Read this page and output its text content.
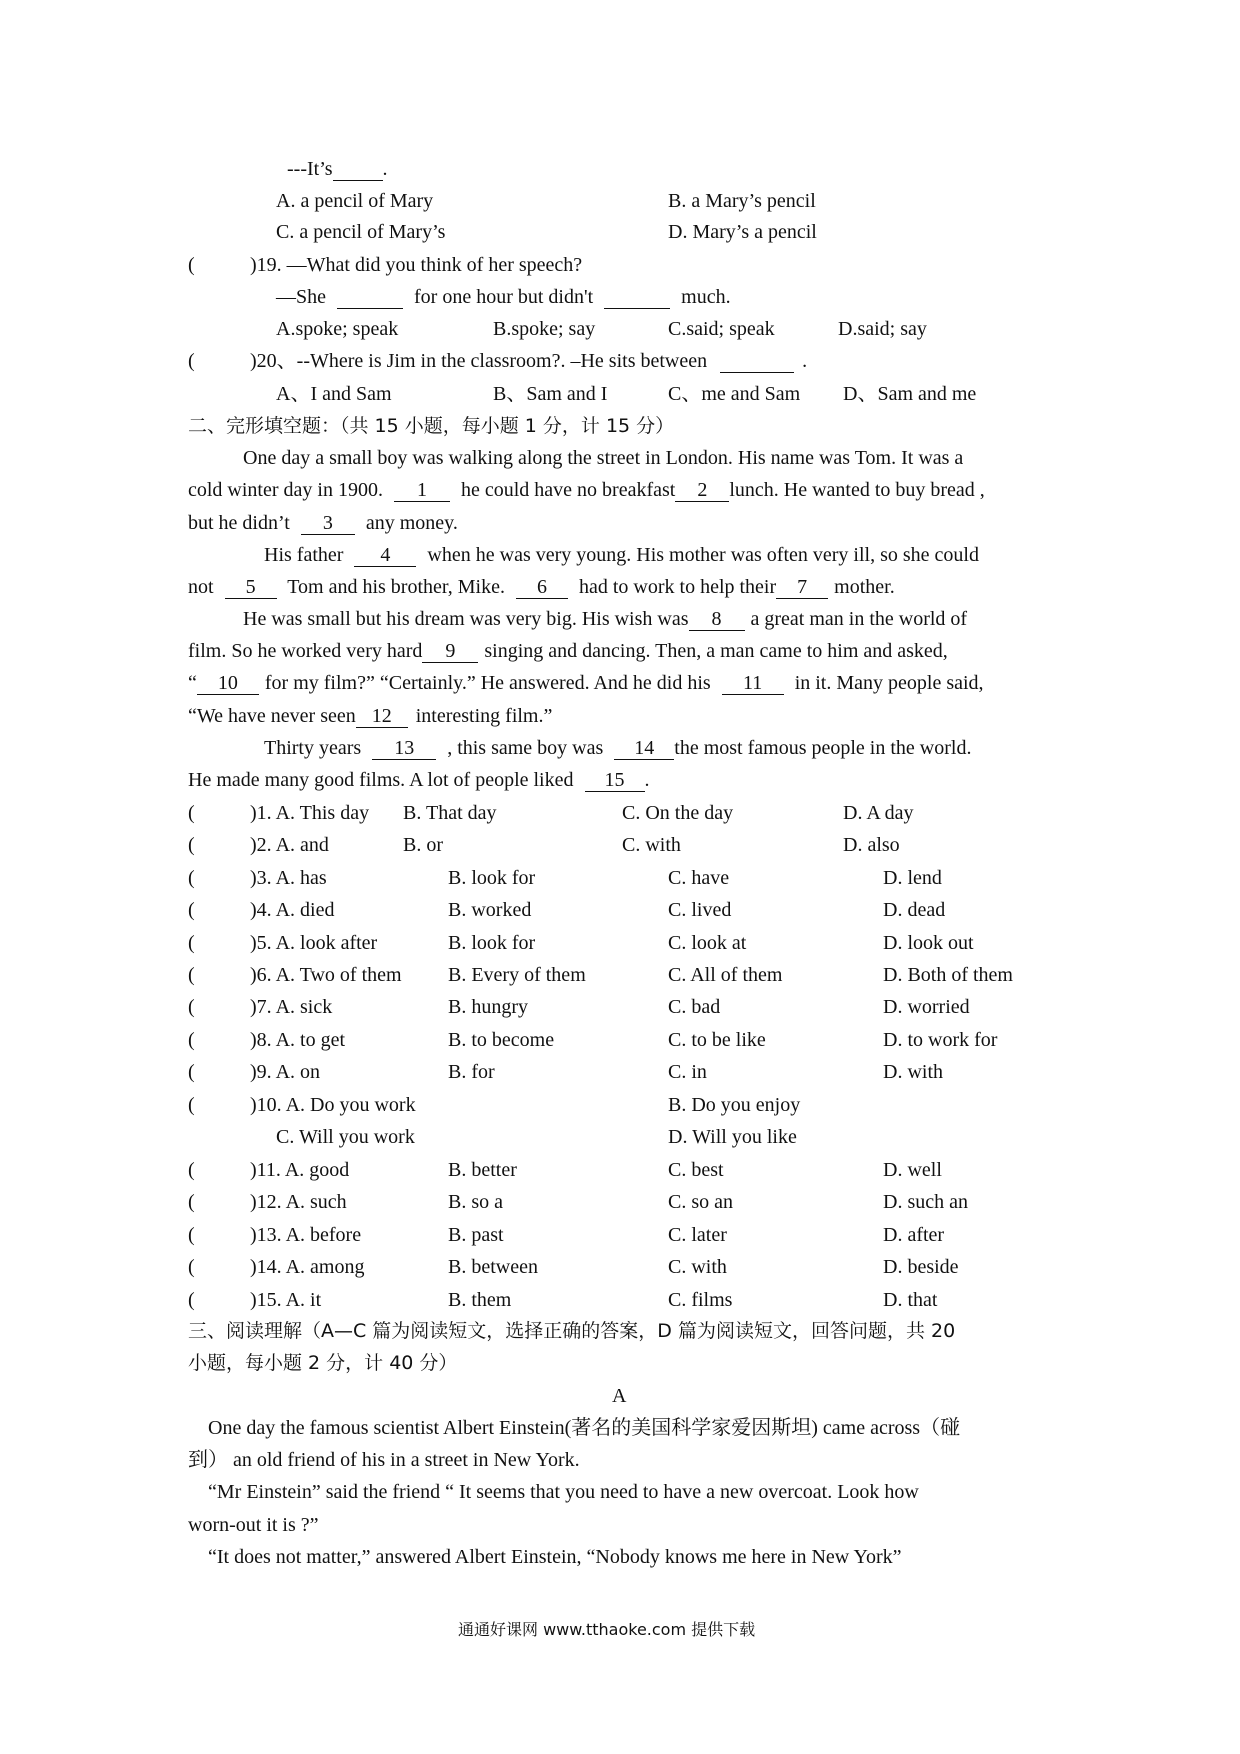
---It’s	.
A. a pencil of Mary	B. a Mary’s pencil
C. a pencil of Mary’s	D. Mary’s a pencil
(	)19. —What did you think of her speech?
—She	for one hour but didn't	much.
A.spoke; speak	B.spoke; say	C.said; speak	D.said; say
(	)20、--Where is Jim in the classroom?. –He sits between	.
A、I and Sam	B、Sam and I	C、me and Sam D、Sam and me
二、完形填空题：（共 15 小题，每小题 1 分，计 15 分）
One day a small boy was walking along the street in London. His name was Tom. It was a
cold winter day in 1900. 1 he could have no breakfast 2 lunch. He wanted to buy bread ,
but he didn’t 3 any money.
His father 4 when he was very young. His mother was often very ill, so she could
not 5 Tom and his brother, Mike. 6 had to work to help their 7 mother.
He was small but his dream was very big. His wish was 8 a great man in the world of
film. So he worked very hard 9 singing and dancing. Then, a man came to him and asked,
“ 10 for my film?” “Certainly.” He answered. And he did his 11 in it. Many people said,
“We have never seen 12 interesting film.”
Thirty years 13 , this same boy was 14 the most famous people in the world.
He made many good films. A lot of people liked 15 .
(	)1. A. This day B. That day	C. On the day	D. A day
(	)2. A. and	B. or	C. with	D. also
(	)3. A. has	B. look for	C. have	D. lend
(	)4. A. died	B. worked	C. lived	D. dead
(	)5. A. look after	B. look for	C. look at	D. look out
(	)6. A. Two of them B. Every of them	C. All of them	D. Both of them
(	)7. A. sick	B. hungry	C. bad	D. worried
(	)8. A. to get	B. to become	C. to be like	D. to work for
(	)9. A. on	B. for	C. in	D. with
(	)10. A. Do you work	B. Do you enjoy
C. Will you work	D. Will you like
(	)11. A. good	B. better	C. best	D. well
(	)12. A. such	B. so a	C. so an	D. such an
(	)13. A. before	B. past	C. later	D. after
(	)14. A. among	B. between	C. with	D. beside
(	)15. A. it	B. them	C. films	D. that
三、阅读理解（A—C 篇为阅读短文，选择正确的答案，D 篇为阅读短文，回答问题，共 20
小题，每小题 2 分，计 40 分）
A
One day the famous scientist Albert Einstein(著名的美国科学家爱因斯坦) came across（碰
到） an old friend of his in a street in New York.
“Mr Einstein” said the friend “ It seems that you need to have a new overcoat. Look how
worn-out it is ?”
“It does not matter,” answered Albert Einstein, “Nobody knows me here in New York”
通通好课网 www.tthaoke.com 提供下载
